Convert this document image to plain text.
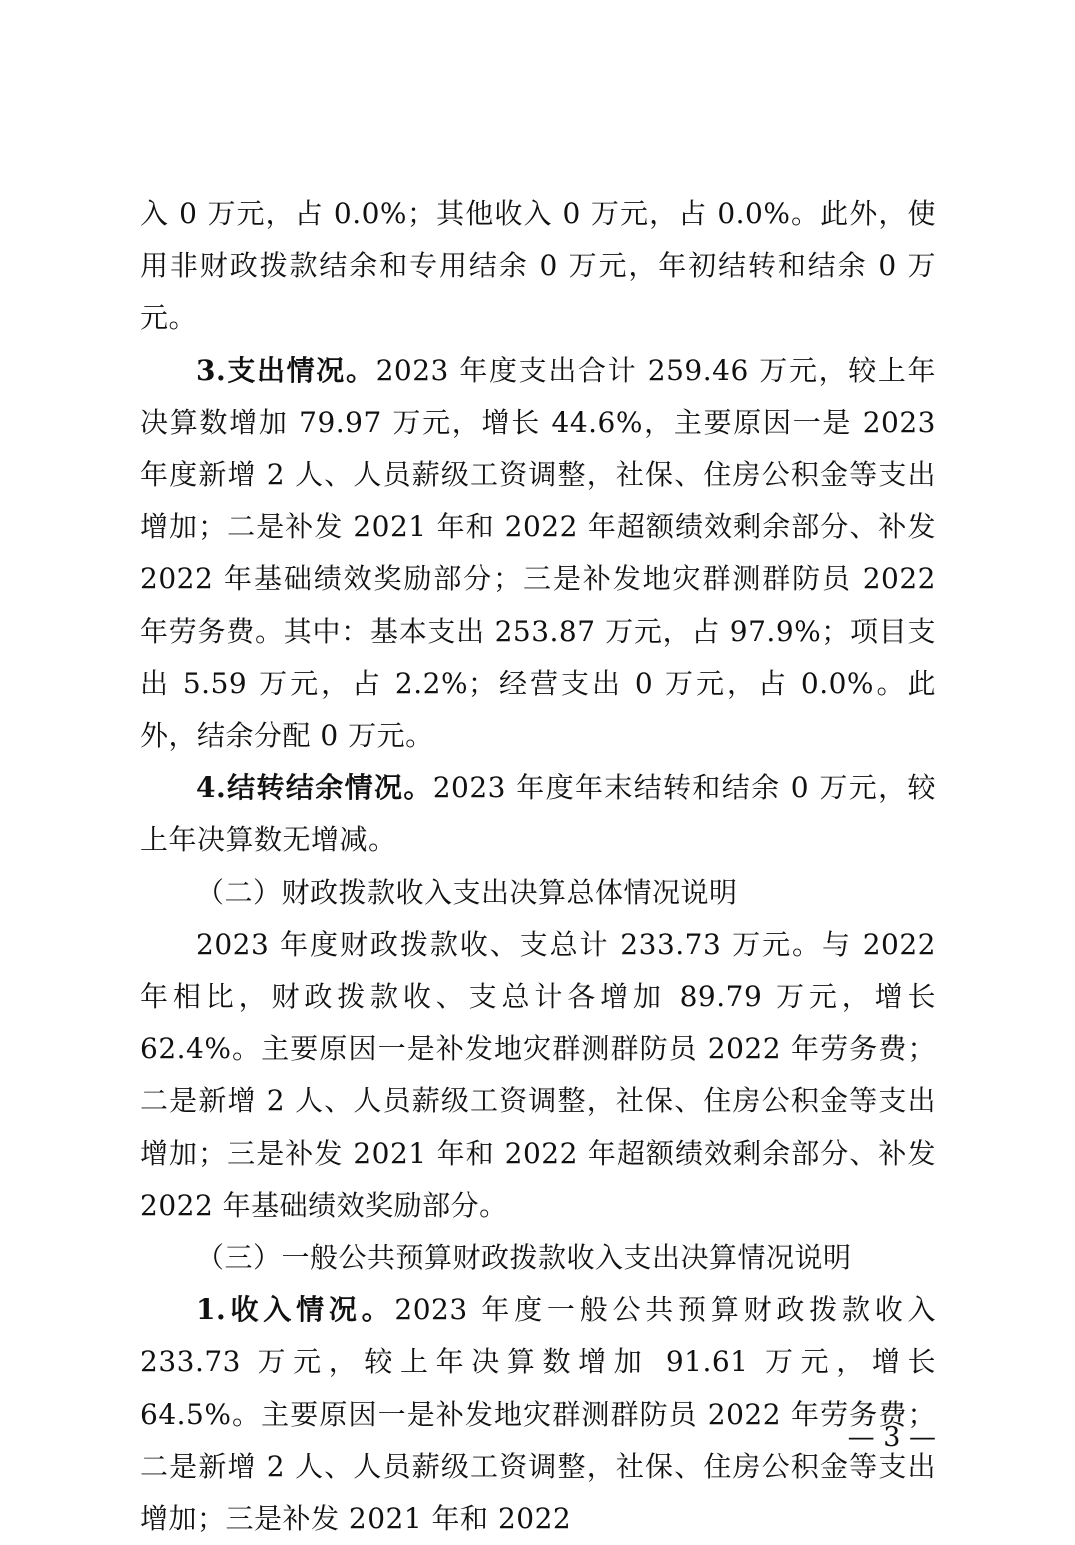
入 0 万元，占 0.0%；其他收入 0 万元，占 0.0%。此外，使用非财政拨款结余和专用结余 0 万元，年初结转和结余 0 万元。

3.支出情况。2023 年度支出合计 259.46 万元，较上年决算数增加 79.97 万元，增长 44.6%，主要原因一是 2023 年度新增 2 人、人员薪级工资调整，社保、住房公积金等支出增加；二是补发 2021 年和 2022 年超额绩效剩余部分、补发 2022 年基础绩效奖励部分；三是补发地灾群测群防员 2022 年劳务费。其中：基本支出 253.87 万元，占 97.9%；项目支出 5.59 万元，占 2.2%；经营支出 0 万元，占 0.0%。此外，结余分配 0 万元。

4.结转结余情况。2023 年度年末结转和结余 0 万元，较上年决算数无增减。

（二）财政拨款收入支出决算总体情况说明

2023 年度财政拨款收、支总计 233.73 万元。与 2022 年相比，财政拨款收、支总计各增加 89.79 万元，增长 62.4%。主要原因一是补发地灾群测群防员 2022 年劳务费；二是新增 2 人、人员薪级工资调整，社保、住房公积金等支出增加；三是补发 2021 年和 2022 年超额绩效剩余部分、补发 2022 年基础绩效奖励部分。

（三）一般公共预算财政拨款收入支出决算情况说明

1.收入情况。2023 年度一般公共预算财政拨款收入 233.73 万元，较上年决算数增加 91.61 万元，增长 64.5%。主要原因一是补发地灾群测群防员 2022 年劳务费；二是新增 2 人、人员薪级工资调整，社保、住房公积金等支出增加；三是补发 2021 年和 2022

— 3 —
